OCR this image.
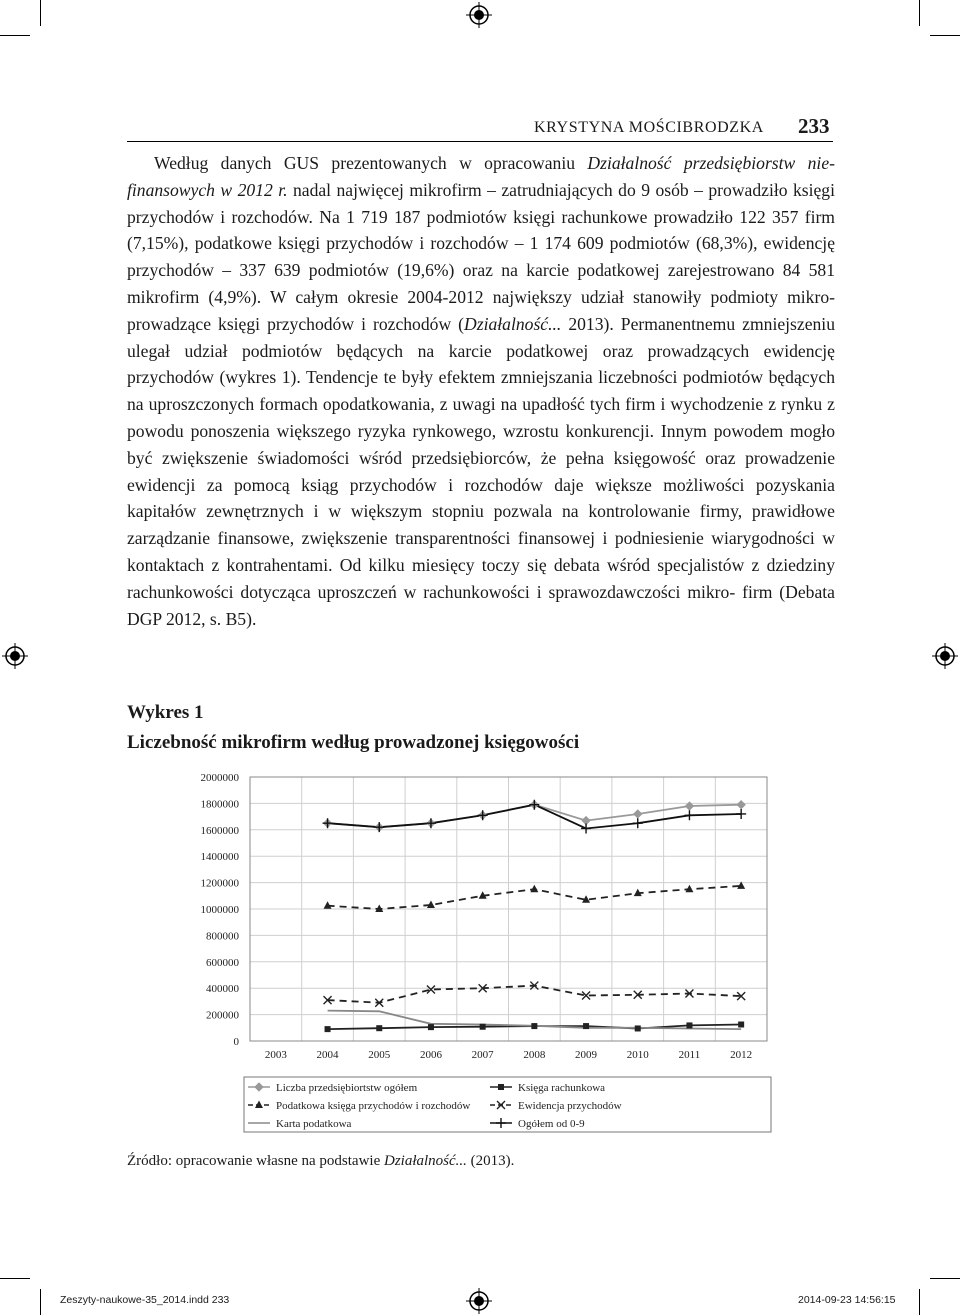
KRYSTYNA MOŚCIBRODZKA 233

Według danych GUS prezentowanych w opracowaniu Działalność przedsiębiorstw nie-finansowych w 2012 r. nadal najwięcej mikrofirm – zatrudniających do 9 osób – prowadziło księgi przychodów i rozchodów. Na 1 719 187 podmiotów księgi rachunkowe prowadziło 122 357 firm (7,15%), podatkowe księgi przychodów i rozchodów – 1 174 609 podmiotów (68,3%), ewidencję przychodów – 337 639 podmiotów (19,6%) oraz na karcie podatkowej zarejestrowano 84 581 mikrofirm (4,9%). W całym okresie 2004-2012 największy udział stanowiły podmioty mikro- prowadzące księgi przychodów i rozchodów (Działalność... 2013). Permanentnemu zmniejszeniu ulegał udział podmiotów będących na karcie podatkowej oraz prowadzących ewidencję przychodów (wykres 1). Tendencje te były efektem zmniejszania liczebności podmiotów będących na uproszczonych formach opodatkowania, z uwagi na upadłość tych firm i wychodzenie z rynku z powodu ponoszenia większego ryzyka rynkowego, wzrostu konkurencji. Innym powodem mogło być zwiększenie świadomości wśród przedsiębiorców, że pełna księgowość oraz prowadzenie ewidencji za pomocą ksiąg przychodów i rozchodów daje większe możliwości pozyskania kapitałów zewnętrznych i w większym stopniu pozwala na kontrolowanie firmy, prawidłowe zarządzanie finansowe, zwiększenie transparentności finansowej i podniesienie wiarygodności w kontaktach z kontrahentami. Od kilku miesięcy toczy się debata wśród specjalistów z dziedziny rachunkowości dotycząca uproszczeń w rachunkowości i sprawozdawczości mikro- firm (Debata DGP 2012, s. B5).

Wykres 1
Liczebność mikrofirm według prowadzonej księgowości
0
200000
400000
600000
800000
1000000
1200000
1400000
1600000
1800000
2000000
2003	2004	2005	2006	2007	2008	2009	2010	2011	2012
Liczba przedsiębiortstw ogółem	Księga rachunkowa
Podatkowa księga przychodów i rozchodów	Ewidencja przychodów
Karta podatkowa	Ogółem od 0-9
Źródło: opracowanie własne na podstawie Działalność... (2013).
Zeszyty-naukowe-35_2014.indd 233	2014-09-23 14:56:15
